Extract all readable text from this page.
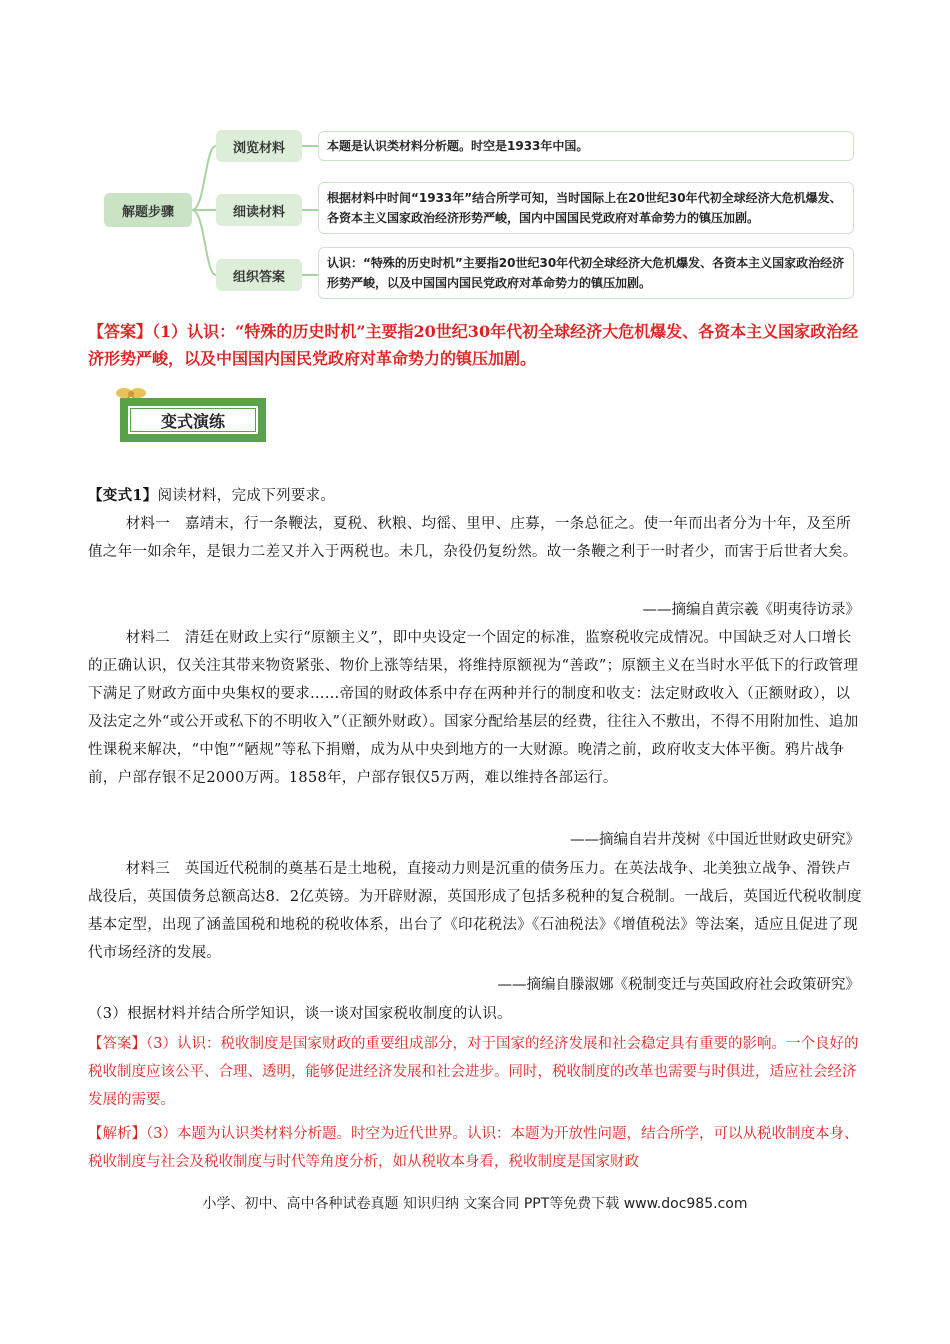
解题步骤
浏览材料	本题是认识类材料分析题。时空是1933年中国。
细读材料
根据材料中时间“1933年”结合所学可知，当时国际上在20世纪30年代初全球经济大危机爆发、各资本主义国家政治经济形势严峻，国内中国国民党政府对革命势力的镇压加剧。
组织答案
认识：“特殊的历史时机”主要指20世纪30年代初全球经济大危机爆发、各资本主义国家政治经济形势严峻，以及中国国内国民党政府对革命势力的镇压加剧。
【答案】（1）认识：“特殊的历史时机”主要指20世纪30年代初全球经济大危机爆发、各资本主义国家政治经济形势严峻，以及中国国内国民党政府对革命势力的镇压加剧。
变式演练
【变式1】阅读材料，完成下列要求。
材料一　嘉靖末，行一条鞭法，夏税、秋粮、均徭、里甲、庄募，一条总征之。使一年而出者分为十年，及至所值之年一如余年，是银力二差又并入于两税也。未几，杂役仍复纷然。故一条鞭之利于一时者少，而害于后世者大矣。
——摘编自黄宗羲《明夷待访录》
材料二　清廷在财政上实行“原额主义”，即中央设定一个固定的标准，监察税收完成情况。中国缺乏对人口增长的正确认识，仅关注其带来物资紧张、物价上涨等结果，将维持原额视为“善政”；原额主义在当时水平低下的行政管理下满足了财政方面中央集权的要求……帝国的财政体系中存在两种并行的制度和收支：法定财政收入（正额财政），以及法定之外“或公开或私下的不明收入”（正额外财政）。国家分配给基层的经费，往往入不敷出，不得不用附加性、追加性课税来解决，“中饱”“陋规”等私下捐赠，成为从中央到地方的一大财源。晚清之前，政府收支大体平衡。鸦片战争前，户部存银不足2000万两。1858年，户部存银仅5万两，难以维持各部运行。
——摘编自岩井茂树《中国近世财政史研究》
材料三　英国近代税制的奠基石是土地税，直接动力则是沉重的债务压力。在英法战争、北美独立战争、滑铁卢战役后，英国债务总额高达8．2亿英镑。为开辟财源，英国形成了包括多税种的复合税制。一战后，英国近代税收制度基本定型，出现了涵盖国税和地税的税收体系，出台了《印花税法》《石油税法》《增值税法》等法案，适应且促进了现代市场经济的发展。
——摘编自滕淑娜《税制变迁与英国政府社会政策研究》
（3）根据材料并结合所学知识，谈一谈对国家税收制度的认识。
【答案】（3）认识：税收制度是国家财政的重要组成部分，对于国家的经济发展和社会稳定具有重要的影响。一个良好的税收制度应该公平、合理、透明，能够促进经济发展和社会进步。同时，税收制度的改革也需要与时俱进，适应社会经济发展的需要。
【解析】（3）本题为认识类材料分析题。时空为近代世界。认识：本题为开放性问题，结合所学，可以从税收制度本身、税收制度与社会及税收制度与时代等角度分析，如从税收本身看，税收制度是国家财政
小学、初中、高中各种试卷真题 知识归纳 文案合同 PPT等免费下载 www.doc985.com
